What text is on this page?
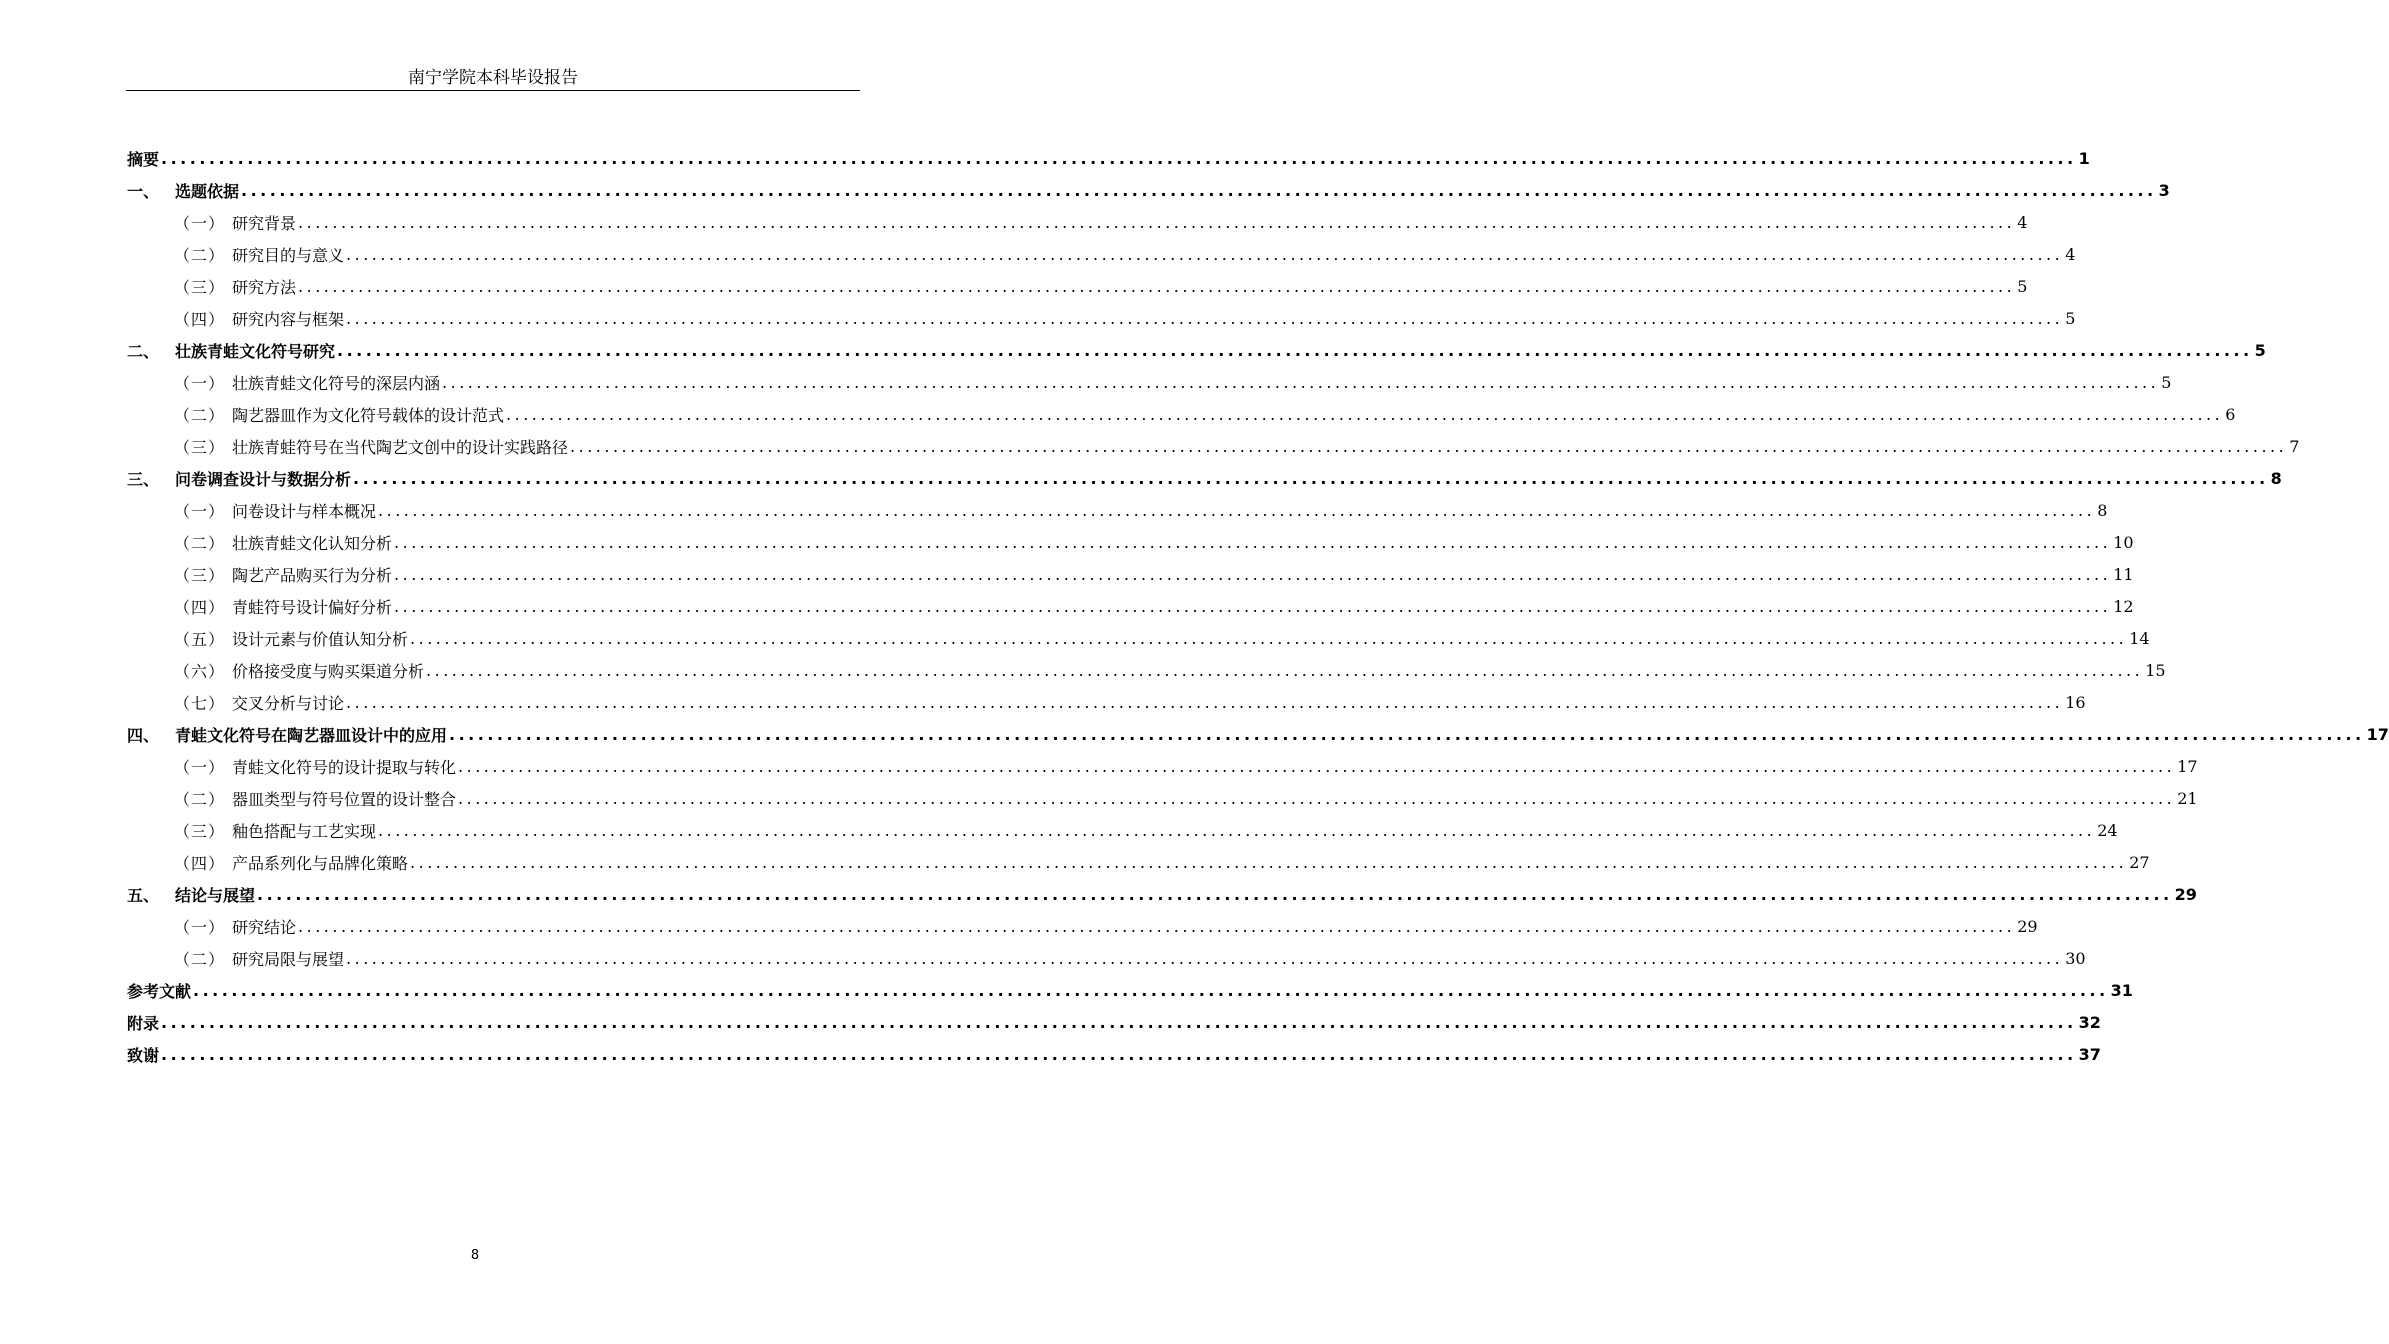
南宁学院本科毕设报告
摘要 ........................................................................................................................................................................................................ 1
一、 选题依据 ........................................................................................................................................................................................................ 3
（一） 研究背景 ........................................................................................................................................................................................................ 4
（二） 研究目的与意义 ........................................................................................................................................................................................................ 4
（三） 研究方法 ........................................................................................................................................................................................................ 5
（四） 研究内容与框架 ........................................................................................................................................................................................................ 5
二、 壮族青蛙文化符号研究 ........................................................................................................................................................................................................ 5
（一） 壮族青蛙文化符号的深层内涵 ........................................................................................................................................................................................................ 5
（二） 陶艺器皿作为文化符号载体的设计范式 ........................................................................................................................................................................................................ 6
（三） 壮族青蛙符号在当代陶艺文创中的设计实践路径 ........................................................................................................................................................................................................ 7
三、 问卷调查设计与数据分析 ........................................................................................................................................................................................................ 8
（一） 问卷设计与样本概况 ........................................................................................................................................................................................................ 8
（二） 壮族青蛙文化认知分析 ........................................................................................................................................................................................................ 10
（三） 陶艺产品购买行为分析 ........................................................................................................................................................................................................ 11
（四） 青蛙符号设计偏好分析 ........................................................................................................................................................................................................ 12
（五） 设计元素与价值认知分析 ........................................................................................................................................................................................................ 14
（六） 价格接受度与购买渠道分析 ........................................................................................................................................................................................................ 15
（七） 交叉分析与讨论 ........................................................................................................................................................................................................ 16
四、 青蛙文化符号在陶艺器皿设计中的应用 ........................................................................................................................................................................................................ 17
（一） 青蛙文化符号的设计提取与转化 ........................................................................................................................................................................................................ 17
（二） 器皿类型与符号位置的设计整合 ........................................................................................................................................................................................................ 21
（三） 釉色搭配与工艺实现 ........................................................................................................................................................................................................ 24
（四） 产品系列化与品牌化策略 ........................................................................................................................................................................................................ 27
五、 结论与展望 ........................................................................................................................................................................................................ 29
（一） 研究结论 ........................................................................................................................................................................................................ 29
（二） 研究局限与展望 ........................................................................................................................................................................................................ 30
参考文献 ........................................................................................................................................................................................................ 31
附录 ........................................................................................................................................................................................................ 32
致谢 ........................................................................................................................................................................................................ 37
8
